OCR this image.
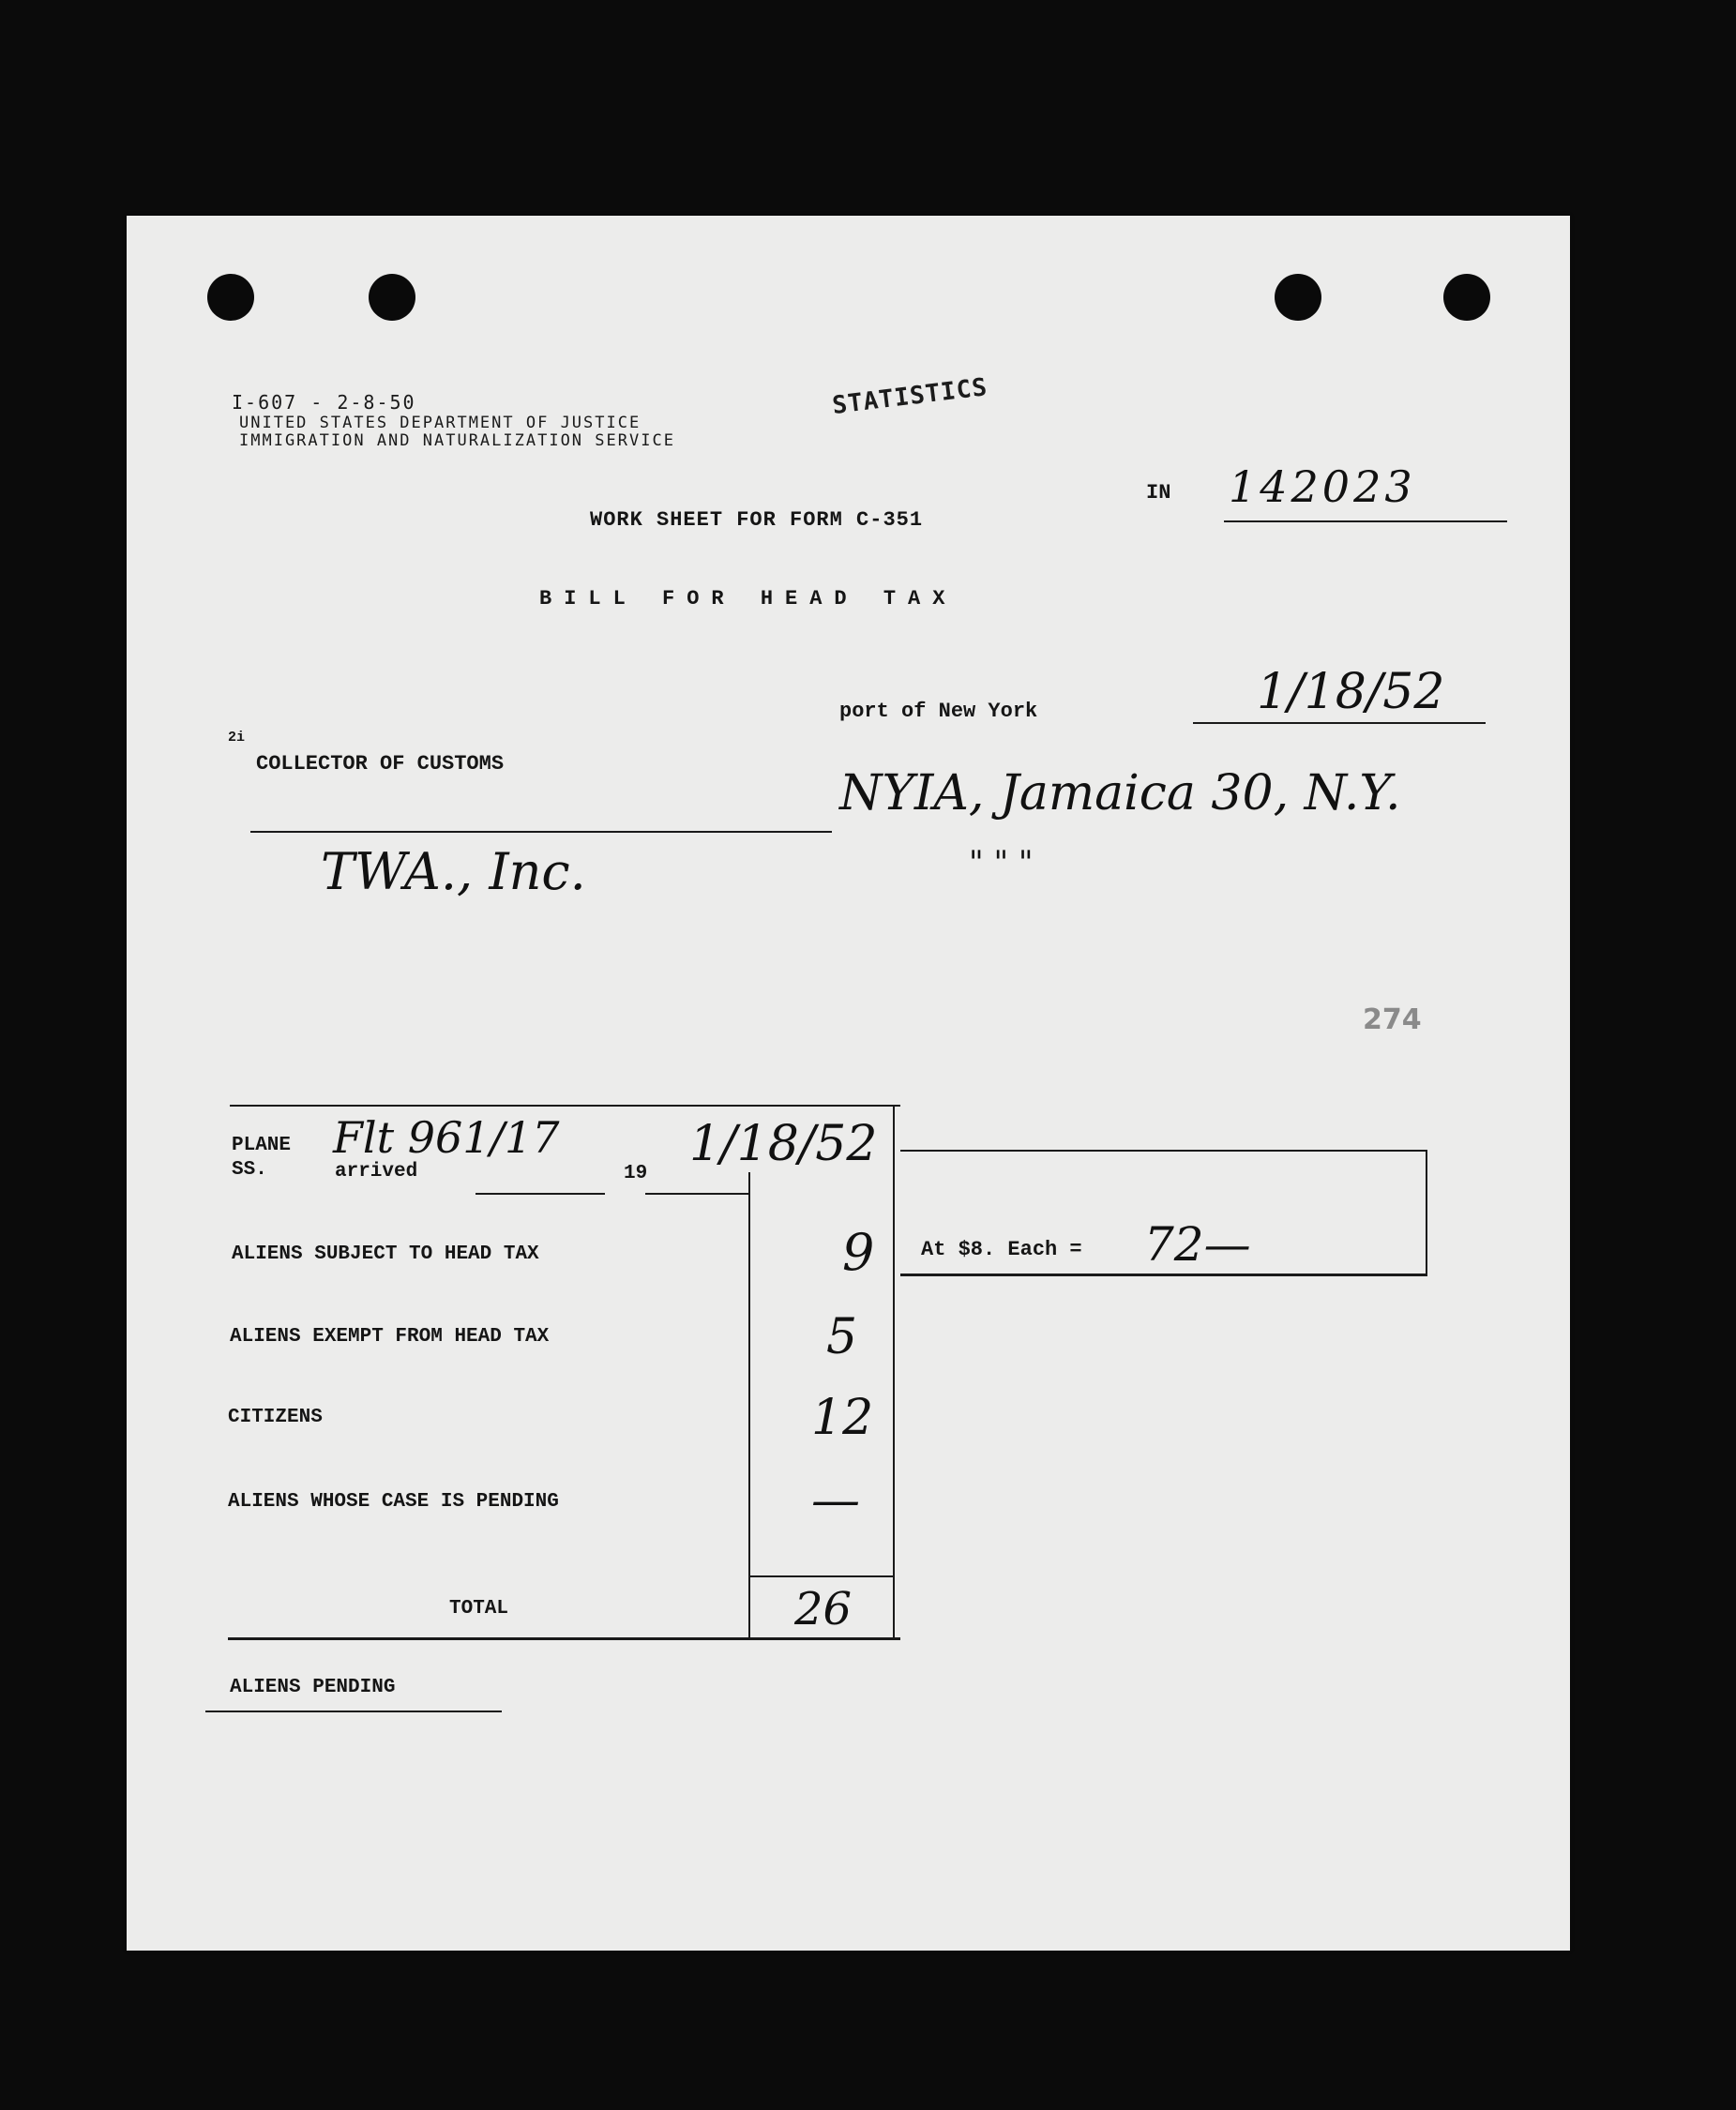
I-607 - 2-8-50
UNITED STATES DEPARTMENT OF JUSTICE
IMMIGRATION AND NATURALIZATION SERVICE
STATISTICS
IN 142023
WORK SHEET FOR FORM C-351
BILL FOR HEAD TAX
2i
COLLECTOR OF CUSTOMS
port of New York	1/18/52
NYIA, Jamaica 30, N.Y.
" " "
TWA., Inc.
274
PLANE
SS.
Flt 961/17
arrived	19
1/18/52
ALIENS SUBJECT TO HEAD TAX	9
ALIENS EXEMPT FROM HEAD TAX	5
CITIZENS	12
ALIENS WHOSE CASE IS PENDING	—
TOTAL	26
At $8. Each = 72—
ALIENS PENDING
